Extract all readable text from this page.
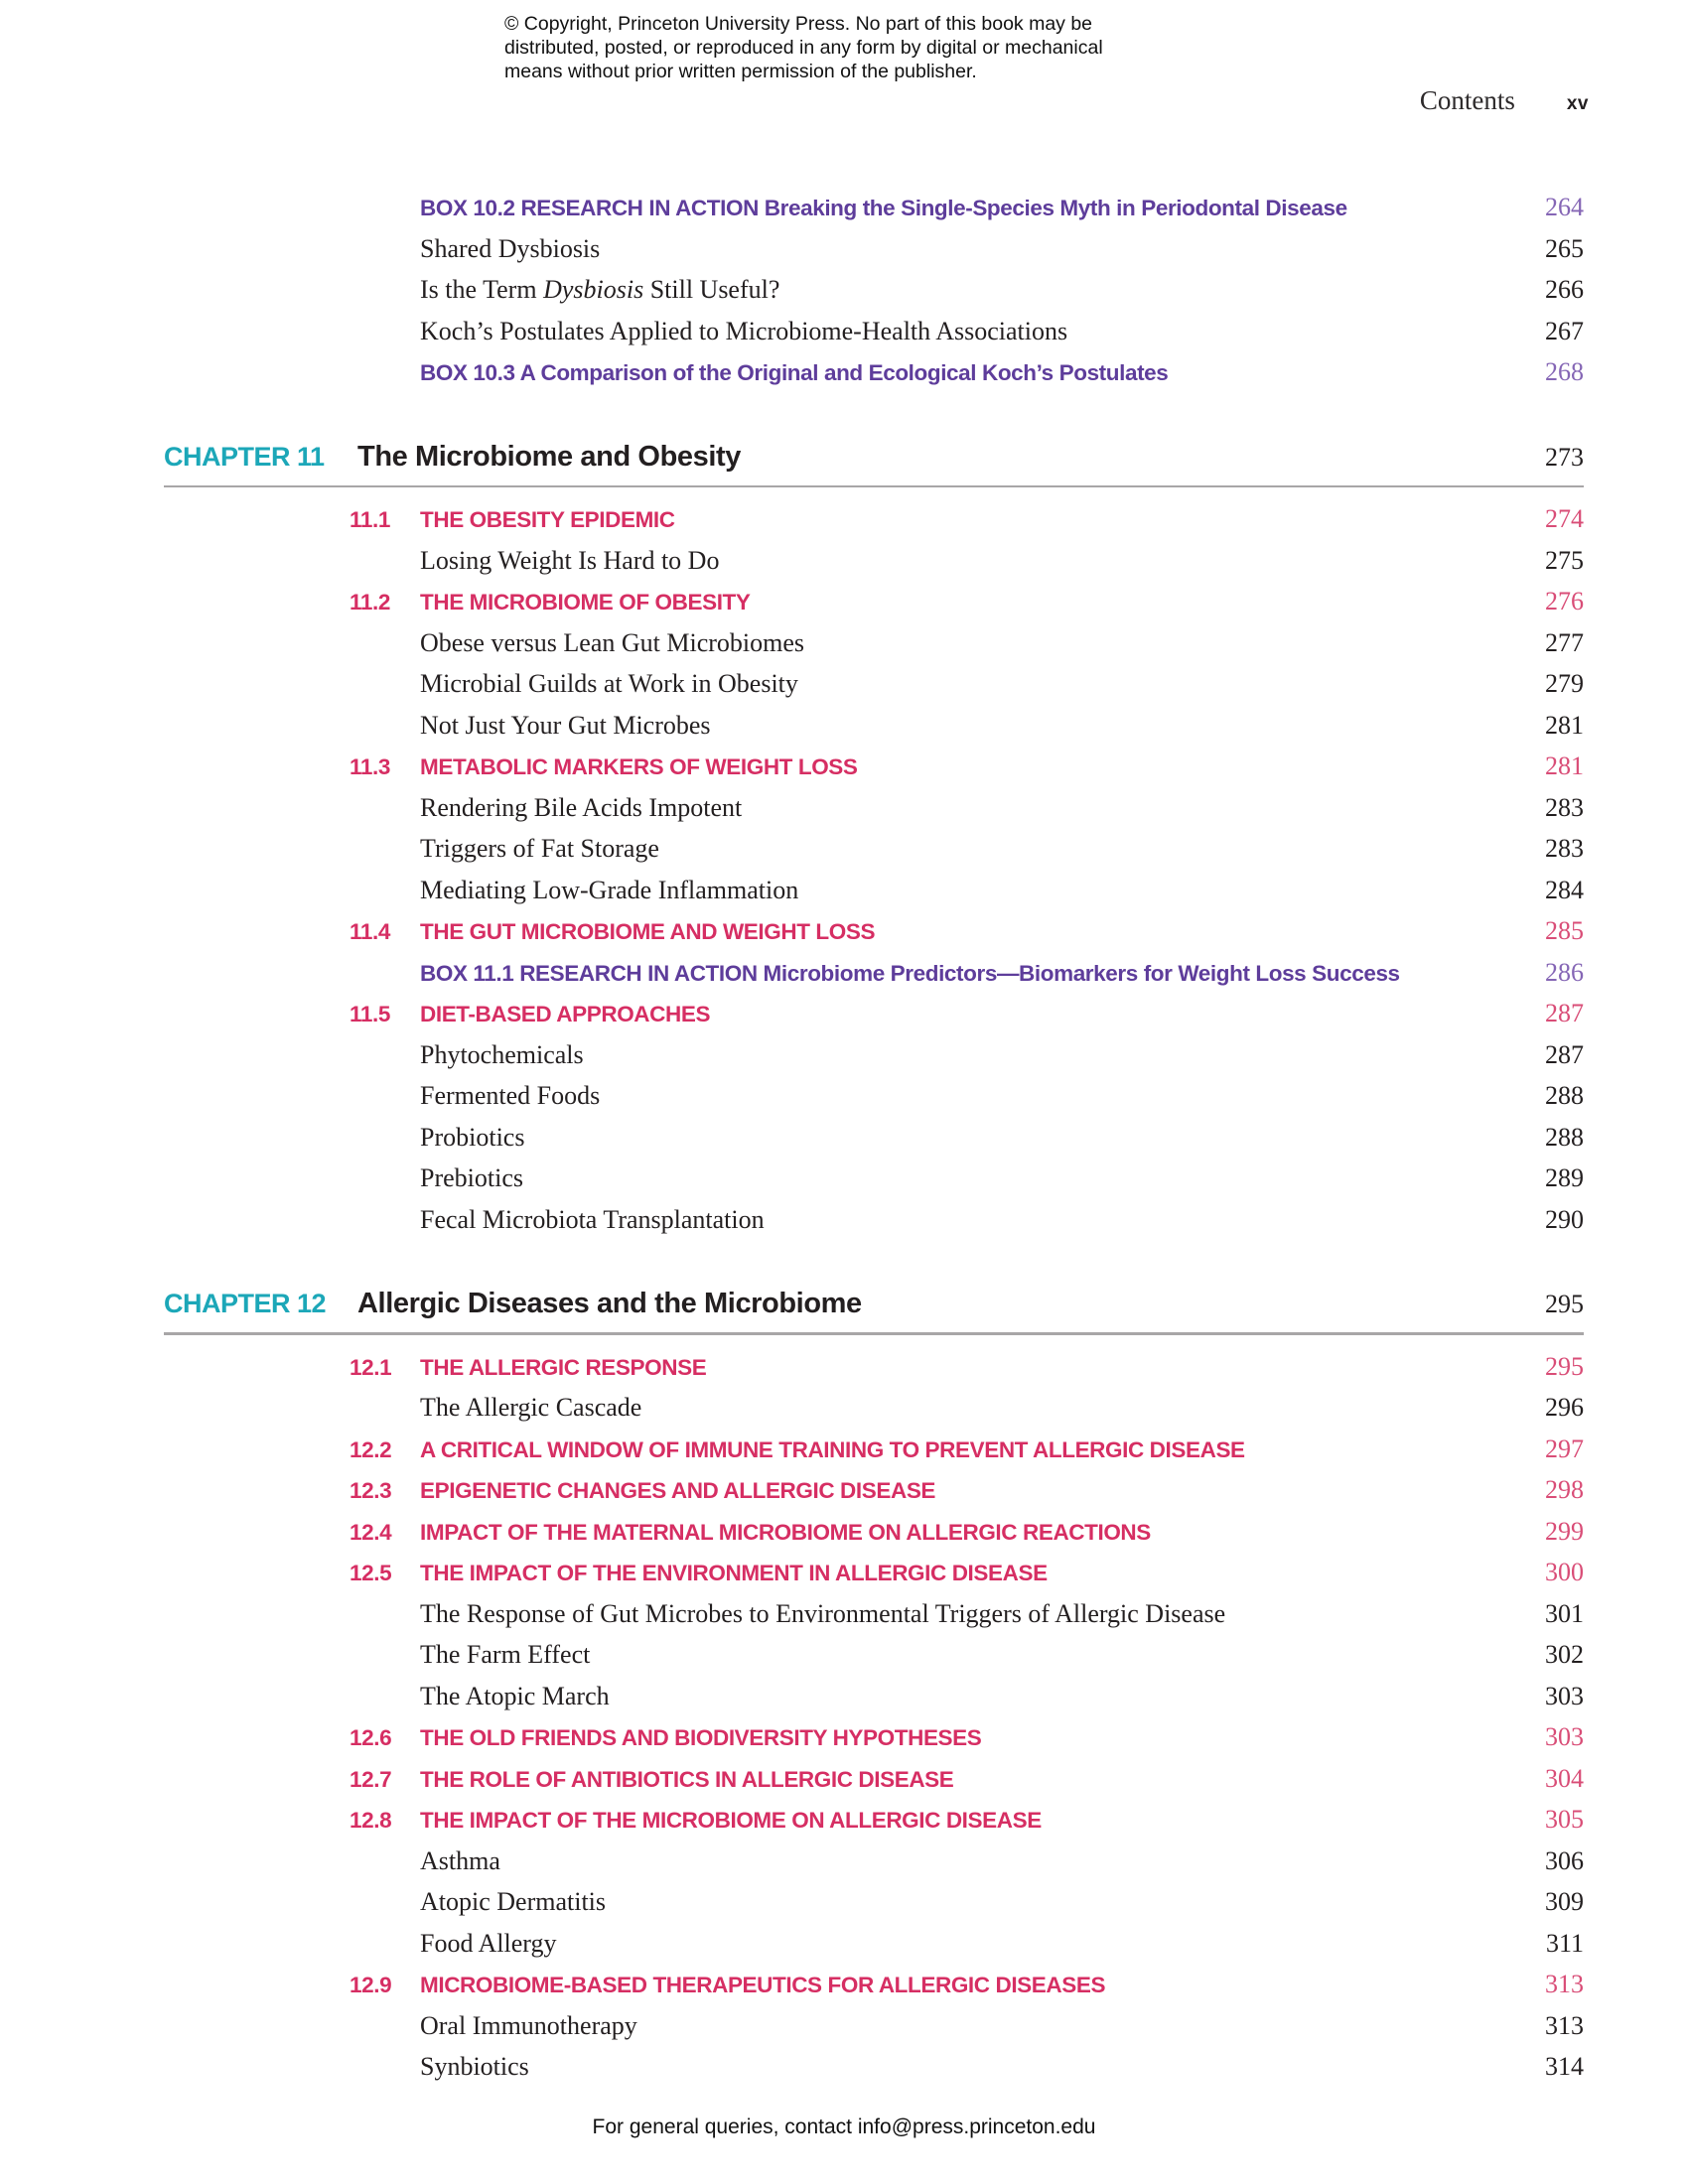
© Copyright, Princeton University Press. No part of this book may be
distributed, posted, or reproduced in any form by digital or mechanical
means without prior written permission of the publisher.
Contents	xv
BOX 10.2 RESEARCH IN ACTION Breaking the Single-Species Myth in Periodontal Disease	264
Shared Dysbiosis	265
Is the Term Dysbiosis Still Useful?	266
Koch’s Postulates Applied to Microbiome-Health Associations	267
BOX 10.3 A Comparison of the Original and Ecological Koch’s Postulates	268
CHAPTER 11	The Microbiome and Obesity	273
11.1	THE OBESITY EPIDEMIC	274
Losing Weight Is Hard to Do	275
11.2	THE MICROBIOME OF OBESITY	276
Obese versus Lean Gut Microbiomes	277
Microbial Guilds at Work in Obesity	279
Not Just Your Gut Microbes	281
11.3	METABOLIC MARKERS OF WEIGHT LOSS	281
Rendering Bile Acids Impotent	283
Triggers of Fat Storage	283
Mediating Low-Grade Inflammation	284
11.4	THE GUT MICROBIOME AND WEIGHT LOSS	285
BOX 11.1 RESEARCH IN ACTION Microbiome Predictors—Biomarkers for Weight Loss Success	286
11.5	DIET-BASED APPROACHES	287
Phytochemicals	287
Fermented Foods	288
Probiotics	288
Prebiotics	289
Fecal Microbiota Transplantation	290
CHAPTER 12	Allergic Diseases and the Microbiome	295
12.1	THE ALLERGIC RESPONSE	295
The Allergic Cascade	296
12.2	A CRITICAL WINDOW OF IMMUNE TRAINING TO PREVENT ALLERGIC DISEASE	297
12.3	EPIGENETIC CHANGES AND ALLERGIC DISEASE	298
12.4	IMPACT OF THE MATERNAL MICROBIOME ON ALLERGIC REACTIONS	299
12.5	THE IMPACT OF THE ENVIRONMENT IN ALLERGIC DISEASE	300
The Response of Gut Microbes to Environmental Triggers of Allergic Disease	301
The Farm Effect	302
The Atopic March	303
12.6	THE OLD FRIENDS AND BIODIVERSITY HYPOTHESES	303
12.7	THE ROLE OF ANTIBIOTICS IN ALLERGIC DISEASE	304
12.8	THE IMPACT OF THE MICROBIOME ON ALLERGIC DISEASE	305
Asthma	306
Atopic Dermatitis	309
Food Allergy	311
12.9	MICROBIOME-BASED THERAPEUTICS FOR ALLERGIC DISEASES	313
Oral Immunotherapy	313
Synbiotics	314
For general queries, contact info@press.princeton.edu
